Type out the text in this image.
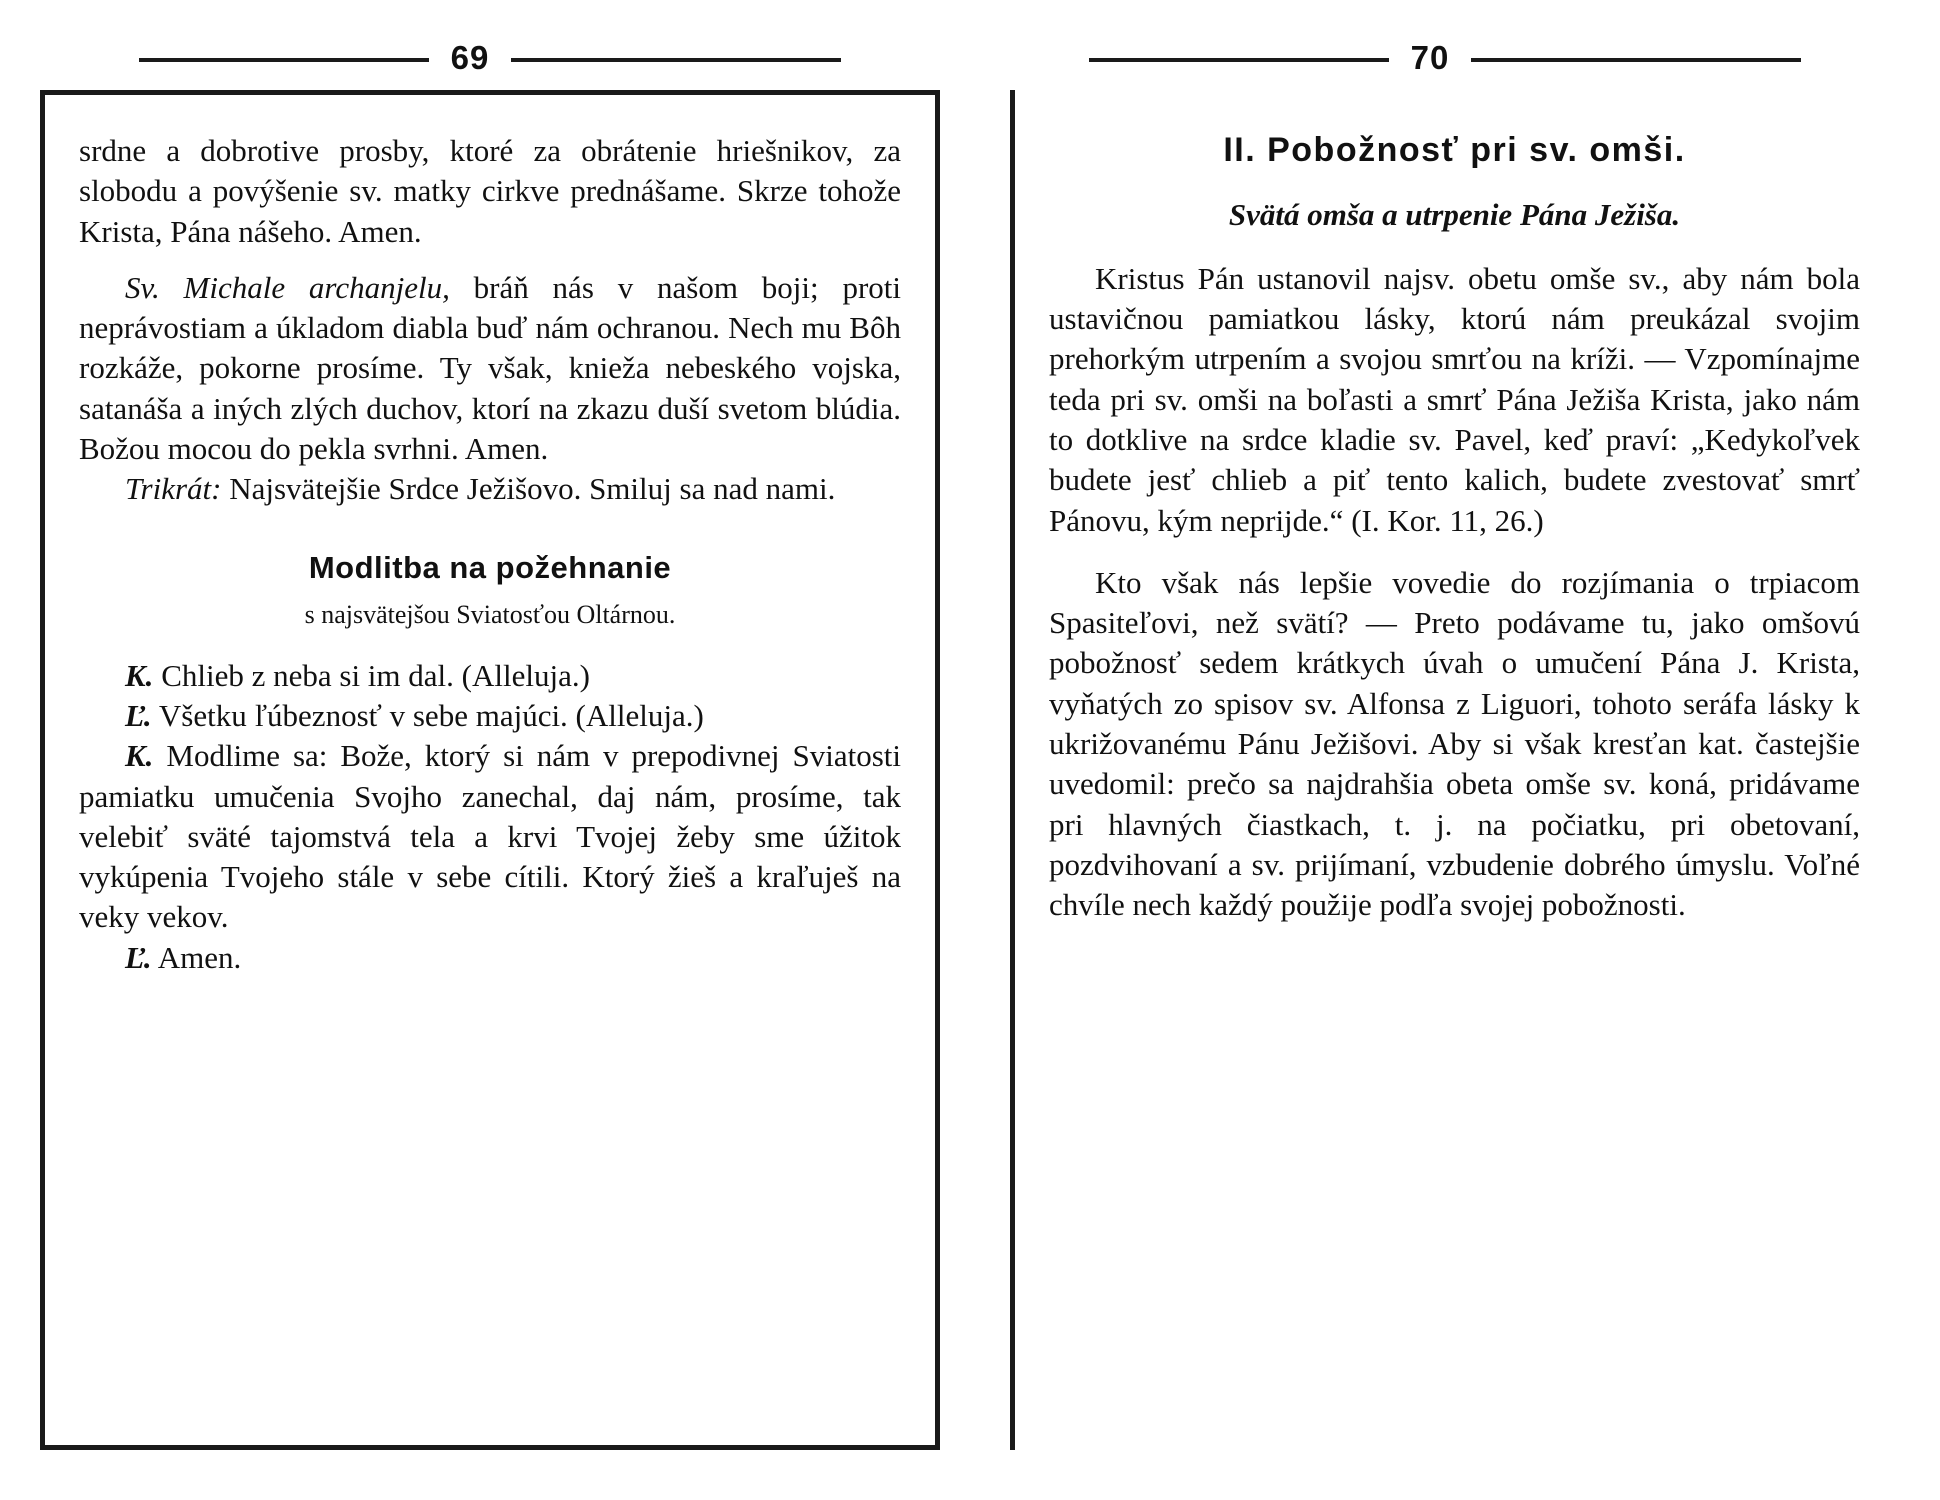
69

srdne a dobrotive prosby, ktoré za obrátenie hriešnikov, za slobodu a povýšenie sv. matky cirkve prednášame. Skrze tohože Krista, Pána nášeho. Amen.

Sv. Michale archanjelu, bráň nás v našom boji; proti neprávostiam a úkladom diabla buď nám ochranou. Nech mu Bôh rozkáže, pokorne prosíme. Ty však, knieža nebeského vojska, satanáša a iných zlých duchov, ktorí na zkazu duší svetom blúdia. Božou mocou do pekla svrhni. Amen.

Trikrát: Najsvätejšie Srdce Ježišovo. Smiluj sa nad nami.

Modlitba na požehnanie
s najsvätejšou Sviatosťou Oltárnou.

K. Chlieb z neba si im dal. (Alleluja.)

Ľ. Všetku ľúbeznosť v sebe majúci. (Alleluja.)

K. Modlime sa: Bože, ktorý si nám v prepodivnej Sviatosti pamiatku umučenia Svojho zanechal, daj nám, prosíme, tak velebiť sväté tajomstvá tela a krvi Tvojej žeby sme úžitok vykúpenia Tvojeho stále v sebe cítili. Ktorý žieš a kraľuješ na veky vekov.

Ľ. Amen.

70
II. Pobožnosť pri sv. omši.
Svätá omša a utrpenie Pána Ježiša.

Kristus Pán ustanovil najsv. obetu omše sv., aby nám bola ustavičnou pamiatkou lásky, ktorú nám preukázal svojim prehorkým utrpením a svojou smrťou na kríži. — Vzpomínajme teda pri sv. omši na boľasti a smrť Pána Ježiša Krista, jako nám to dotklive na srdce kladie sv. Pavel, keď praví: „Kedykoľvek budete jesť chlieb a piť tento kalich, budete zvestovať smrť Pánovu, kým neprijde.“ (I. Kor. 11, 26.)

Kto však nás lepšie vovedie do rozjímania o trpiacom Spasiteľovi, než svätí? — Preto podávame tu, jako omšovú pobožnosť sedem krátkych úvah o umučení Pána J. Krista, vyňatých zo spisov sv. Alfonsa z Liguori, tohoto seráfa lásky k ukrižovanému Pánu Ježišovi. Aby si však kresťan kat. častejšie uvedomil: prečo sa najdrahšia obeta omše sv. koná, pridávame pri hlavných čiastkach, t. j. na počiatku, pri obetovaní, pozdvihovaní a sv. prijímaní, vzbudenie dobrého úmyslu. Voľné chvíle nech každý použije podľa svojej pobožnosti.
